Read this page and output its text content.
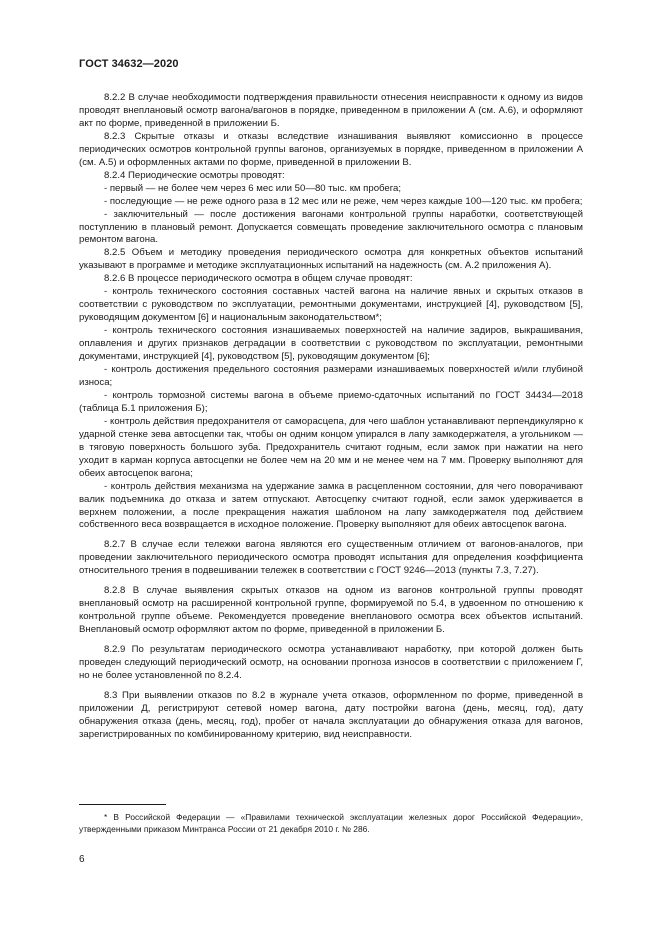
ГОСТ 34632—2020

8.2.2 В случае необходимости подтверждения правильности отнесения неисправности к одному из видов проводят внеплановый осмотр вагона/вагонов в порядке, приведенном в приложении А (см. А.6), и оформляют акт по форме, приведенной в приложении Б.

8.2.3 Скрытые отказы и отказы вследствие изнашивания выявляют комиссионно в процессе периодических осмотров контрольной группы вагонов, организуемых в порядке, приведенном в приложении А (см. А.5) и оформленных актами по форме, приведенной в приложении В.

8.2.4 Периодические осмотры проводят:

- первый — не более чем через 6 мес или 50—80 тыс. км пробега;

- последующие — не реже одного раза в 12 мес или не реже, чем через каждые 100—120 тыс. км пробега;

- заключительный — после достижения вагонами контрольной группы наработки, соответствующей поступлению в плановый ремонт. Допускается совмещать проведение заключительного осмотра с плановым ремонтом вагона.

8.2.5 Объем и методику проведения периодического осмотра для конкретных объектов испытаний указывают в программе и методике эксплуатационных испытаний на надежность (см. А.2 приложения А).

8.2.6 В процессе периодического осмотра в общем случае проводят:

- контроль технического состояния составных частей вагона на наличие явных и скрытых отказов в соответствии с руководством по эксплуатации, ремонтными документами, инструкцией [4], руководством [5], руководящим документом [6] и национальным законодательством*;

- контроль технического состояния изнашиваемых поверхностей на наличие задиров, выкрашивания, оплавления и других признаков деградации в соответствии с руководством по эксплуатации, ремонтными документами, инструкцией [4], руководством [5], руководящим документом [6];

- контроль достижения предельного состояния размерами изнашиваемых поверхностей и/или глубиной износа;

- контроль тормозной системы вагона в объеме приемо-сдаточных испытаний по ГОСТ 34434—2018 (таблица Б.1 приложения Б);

- контроль действия предохранителя от саморасцепа, для чего шаблон устанавливают перпендикулярно к ударной стенке зева автосцепки так, чтобы он одним концом упирался в лапу замкодержателя, а угольником — в тяговую поверхность большого зуба. Предохранитель считают годным, если замок при нажатии на него уходит в карман корпуса автосцепки не более чем на 20 мм и не менее чем на 7 мм. Проверку выполняют для обеих автосцепок вагона;

- контроль действия механизма на удержание замка в расцепленном состоянии, для чего поворачивают валик подъемника до отказа и затем отпускают. Автосцепку считают годной, если замок удерживается в верхнем положении, а после прекращения нажатия шаблоном на лапу замкодержателя под действием собственного веса возвращается в исходное положение. Проверку выполняют для обеих автосцепок вагона.

8.2.7 В случае если тележки вагона являются его существенным отличием от вагонов-аналогов, при проведении заключительного периодического осмотра проводят испытания для определения коэффициента относительного трения в подвешивании тележек в соответствии с ГОСТ 9246—2013 (пункты 7.3, 7.27).

8.2.8 В случае выявления скрытых отказов на одном из вагонов контрольной группы проводят внеплановый осмотр на расширенной контрольной группе, формируемой по 5.4, в удвоенном по отношению к контрольной группе объеме. Рекомендуется проведение внепланового осмотра всех объектов испытаний. Внеплановый осмотр оформляют актом по форме, приведенной в приложении Б.

8.2.9 По результатам периодического осмотра устанавливают наработку, при которой должен быть проведен следующий периодический осмотр, на основании прогноза износов в соответствии с приложением Г, но не более установленной по 8.2.4.

8.3 При выявлении отказов по 8.2 в журнале учета отказов, оформленном по форме, приведенной в приложении Д, регистрируют сетевой номер вагона, дату постройки вагона (день, месяц, год), дату обнаружения отказа (день, месяц, год), пробег от начала эксплуатации до обнаружения отказа для вагонов, зарегистрированных по комбинированному критерию, вид неисправности.

* В Российской Федерации — «Правилами технической эксплуатации железных дорог Российской Федерации», утвержденными приказом Минтранса России от 21 декабря 2010 г. № 286.
6
